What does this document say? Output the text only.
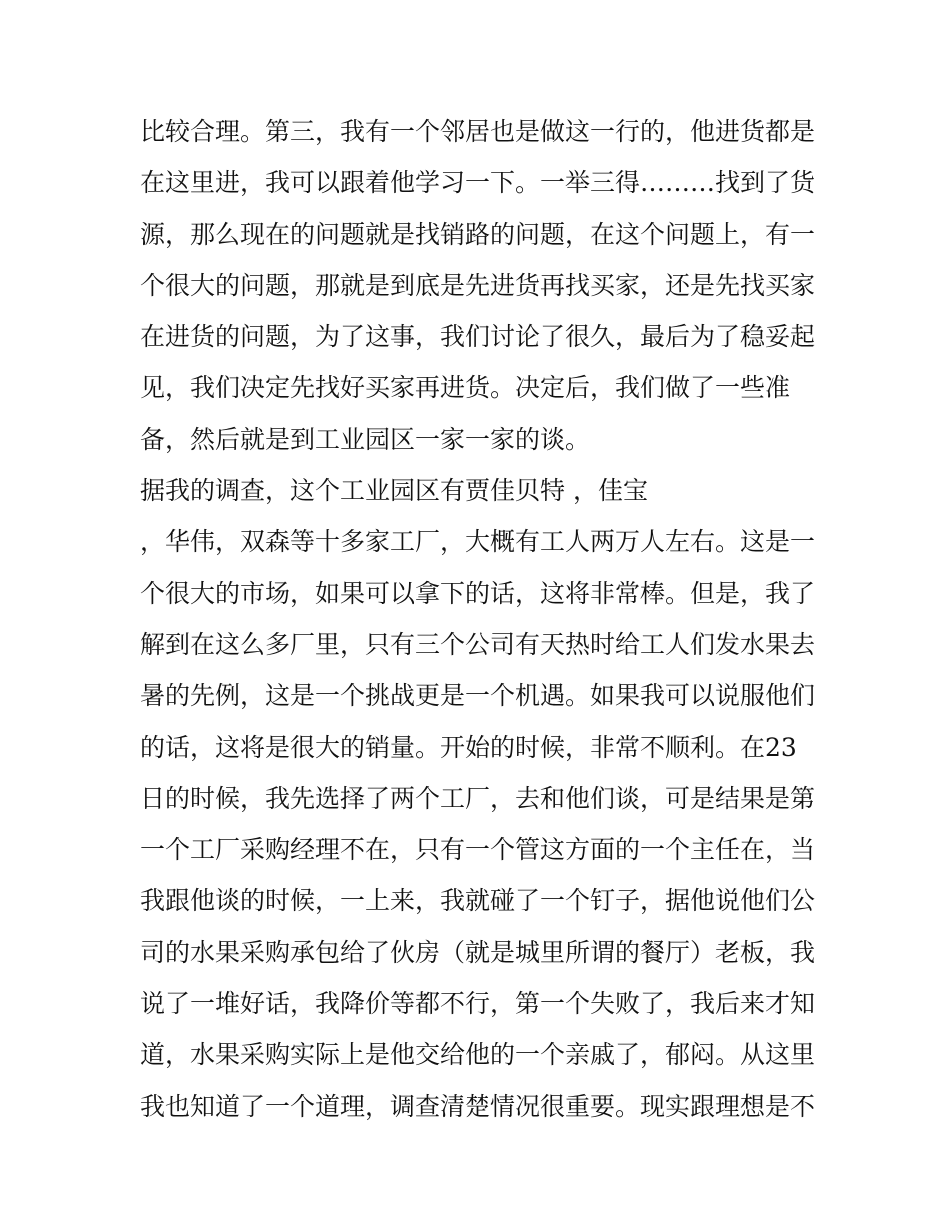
比较合理。第三，我有一个邻居也是做这一行的，他进货都是
在这里进，我可以跟着他学习一下。一举三得………找到了货
源，那么现在的问题就是找销路的问题，在这个问题上，有一
个很大的问题，那就是到底是先进货再找买家，还是先找买家
在进货的问题，为了这事，我们讨论了很久，最后为了稳妥起
见，我们决定先找好买家再进货。决定后，我们做了一些准
备，然后就是到工业园区一家一家的谈。
据我的调查，这个工业园区有贾佳贝特 ，佳宝
，华伟，双森等十多家工厂，大概有工人两万人左右。这是一
个很大的市场，如果可以拿下的话，这将非常棒。但是，我了
解到在这么多厂里，只有三个公司有天热时给工人们发水果去
暑的先例，这是一个挑战更是一个机遇。如果我可以说服他们
的话，这将是很大的销量。开始的时候，非常不顺利。在23
日的时候，我先选择了两个工厂，去和他们谈，可是结果是第
一个工厂采购经理不在，只有一个管这方面的一个主任在，当
我跟他谈的时候，一上来，我就碰了一个钉子，据他说他们公
司的水果采购承包给了伙房（就是城里所谓的餐厅）老板，我
说了一堆好话，我降价等都不行，第一个失败了，我后来才知
道，水果采购实际上是他交给他的一个亲戚了，郁闷。从这里
我也知道了一个道理，调查清楚情况很重要。现实跟理想是不
